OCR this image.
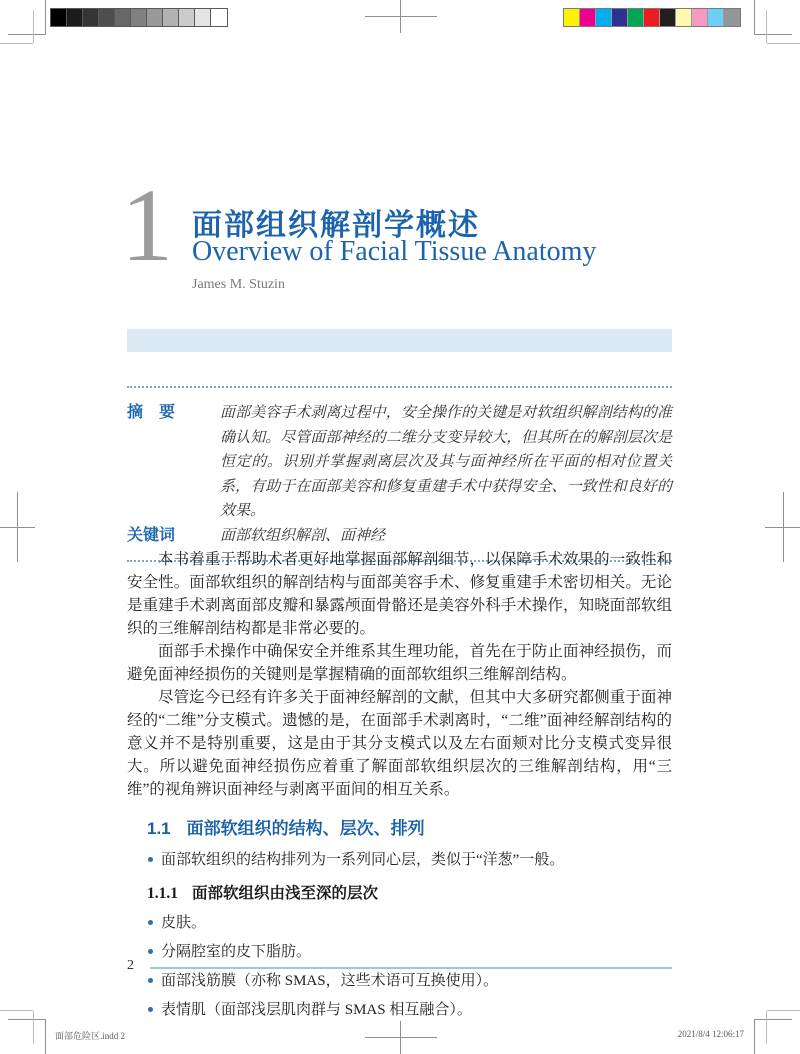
1 面部组织解剖学概述
Overview of Facial Tissue Anatomy
James M. Stuzin
摘　要	面部美容手术剥离过程中，安全操作的关键是对软组织解剖结构的准确认知。尽管面部神经的二维分支变异较大，但其所在的解剖层次是恒定的。识别并掌握剥离层次及其与面神经所在平面的相对位置关系，有助于在面部美容和修复重建手术中获得安全、一致性和良好的效果。

关键词	面部软组织解剖、面神经

本书着重于帮助术者更好地掌握面部解剖细节，以保障手术效果的一致性和安全性。面部软组织的解剖结构与面部美容手术、修复重建手术密切相关。无论是重建手术剥离面部皮瓣和暴露颅面骨骼还是美容外科手术操作，知晓面部软组织的三维解剖结构都是非常必要的。

面部手术操作中确保安全并维系其生理功能，首先在于防止面神经损伤，而避免面神经损伤的关键则是掌握精确的面部软组织三维解剖结构。

尽管迄今已经有许多关于面神经解剖的文献，但其中大多研究都侧重于面神经的“二维”分支模式。遗憾的是，在面部手术剥离时，“二维”面神经解剖结构的意义并不是特别重要，这是由于其分支模式以及左右面颊对比分支模式变异很大。所以避免面神经损伤应着重了解面部软组织层次的三维解剖结构，用“三维”的视角辨识面神经与剥离平面间的相互关系。

1.1 面部软组织的结构、层次、排列
面部软组织的结构排列为一系列同心层，类似于“洋葱”一般。
1.1.1 面部软组织由浅至深的层次
皮肤。
分隔腔室的皮下脂肪。
面部浅筋膜（亦称 SMAS，这些术语可互换使用）。
表情肌（面部浅层肌肉群与 SMAS 相互融合）。
2
面部危险区.indd 2	2021/8/4 12:06:17
